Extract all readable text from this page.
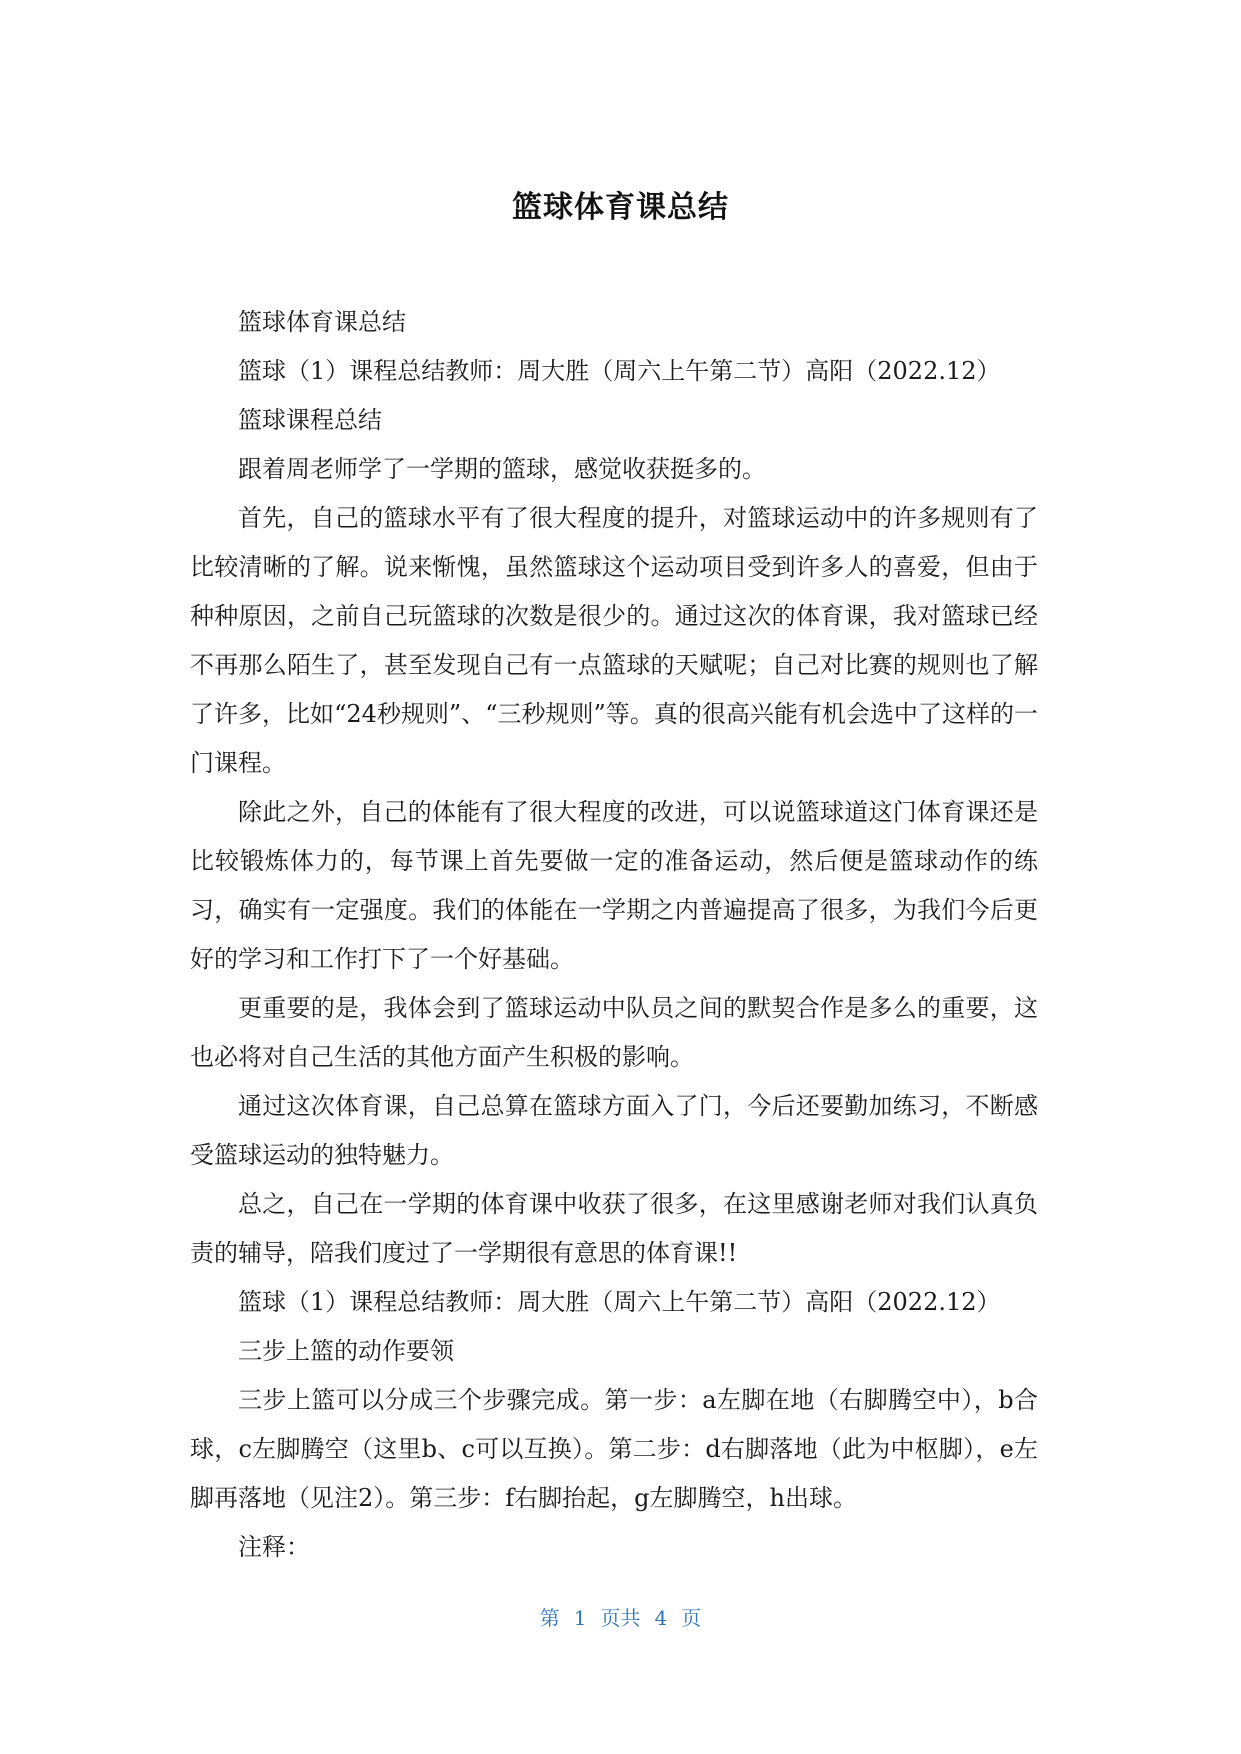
篮球体育课总结

篮球体育课总结

篮球（1）课程总结教师：周大胜（周六上午第二节）高阳（2022.12）

篮球课程总结

跟着周老师学了一学期的篮球，感觉收获挺多的。

首先，自己的篮球水平有了很大程度的提升，对篮球运动中的许多规则有了比较清晰的了解。说来惭愧，虽然篮球这个运动项目受到许多人的喜爱，但由于种种原因，之前自己玩篮球的次数是很少的。通过这次的体育课，我对篮球已经不再那么陌生了，甚至发现自己有一点篮球的天赋呢；自己对比赛的规则也了解了许多，比如“24秒规则”、“三秒规则”等。真的很高兴能有机会选中了这样的一门课程。

除此之外，自己的体能有了很大程度的改进，可以说篮球道这门体育课还是比较锻炼体力的，每节课上首先要做一定的准备运动，然后便是篮球动作的练习，确实有一定强度。我们的体能在一学期之内普遍提高了很多，为我们今后更好的学习和工作打下了一个好基础。

更重要的是，我体会到了篮球运动中队员之间的默契合作是多么的重要，这也必将对自己生活的其他方面产生积极的影响。

通过这次体育课，自己总算在篮球方面入了门，今后还要勤加练习，不断感受篮球运动的独特魅力。

总之，自己在一学期的体育课中收获了很多，在这里感谢老师对我们认真负责的辅导，陪我们度过了一学期很有意思的体育课!!

篮球（1）课程总结教师：周大胜（周六上午第二节）高阳（2022.12）

三步上篮的动作要领

三步上篮可以分成三个步骤完成。第一步：a左脚在地（右脚腾空中），b合球，c左脚腾空（这里b、c可以互换）。第二步：d右脚落地（此为中枢脚），e左脚再落地（见注2）。第三步：f右脚抬起，g左脚腾空，h出球。

注释：

第 1 页共 4 页
